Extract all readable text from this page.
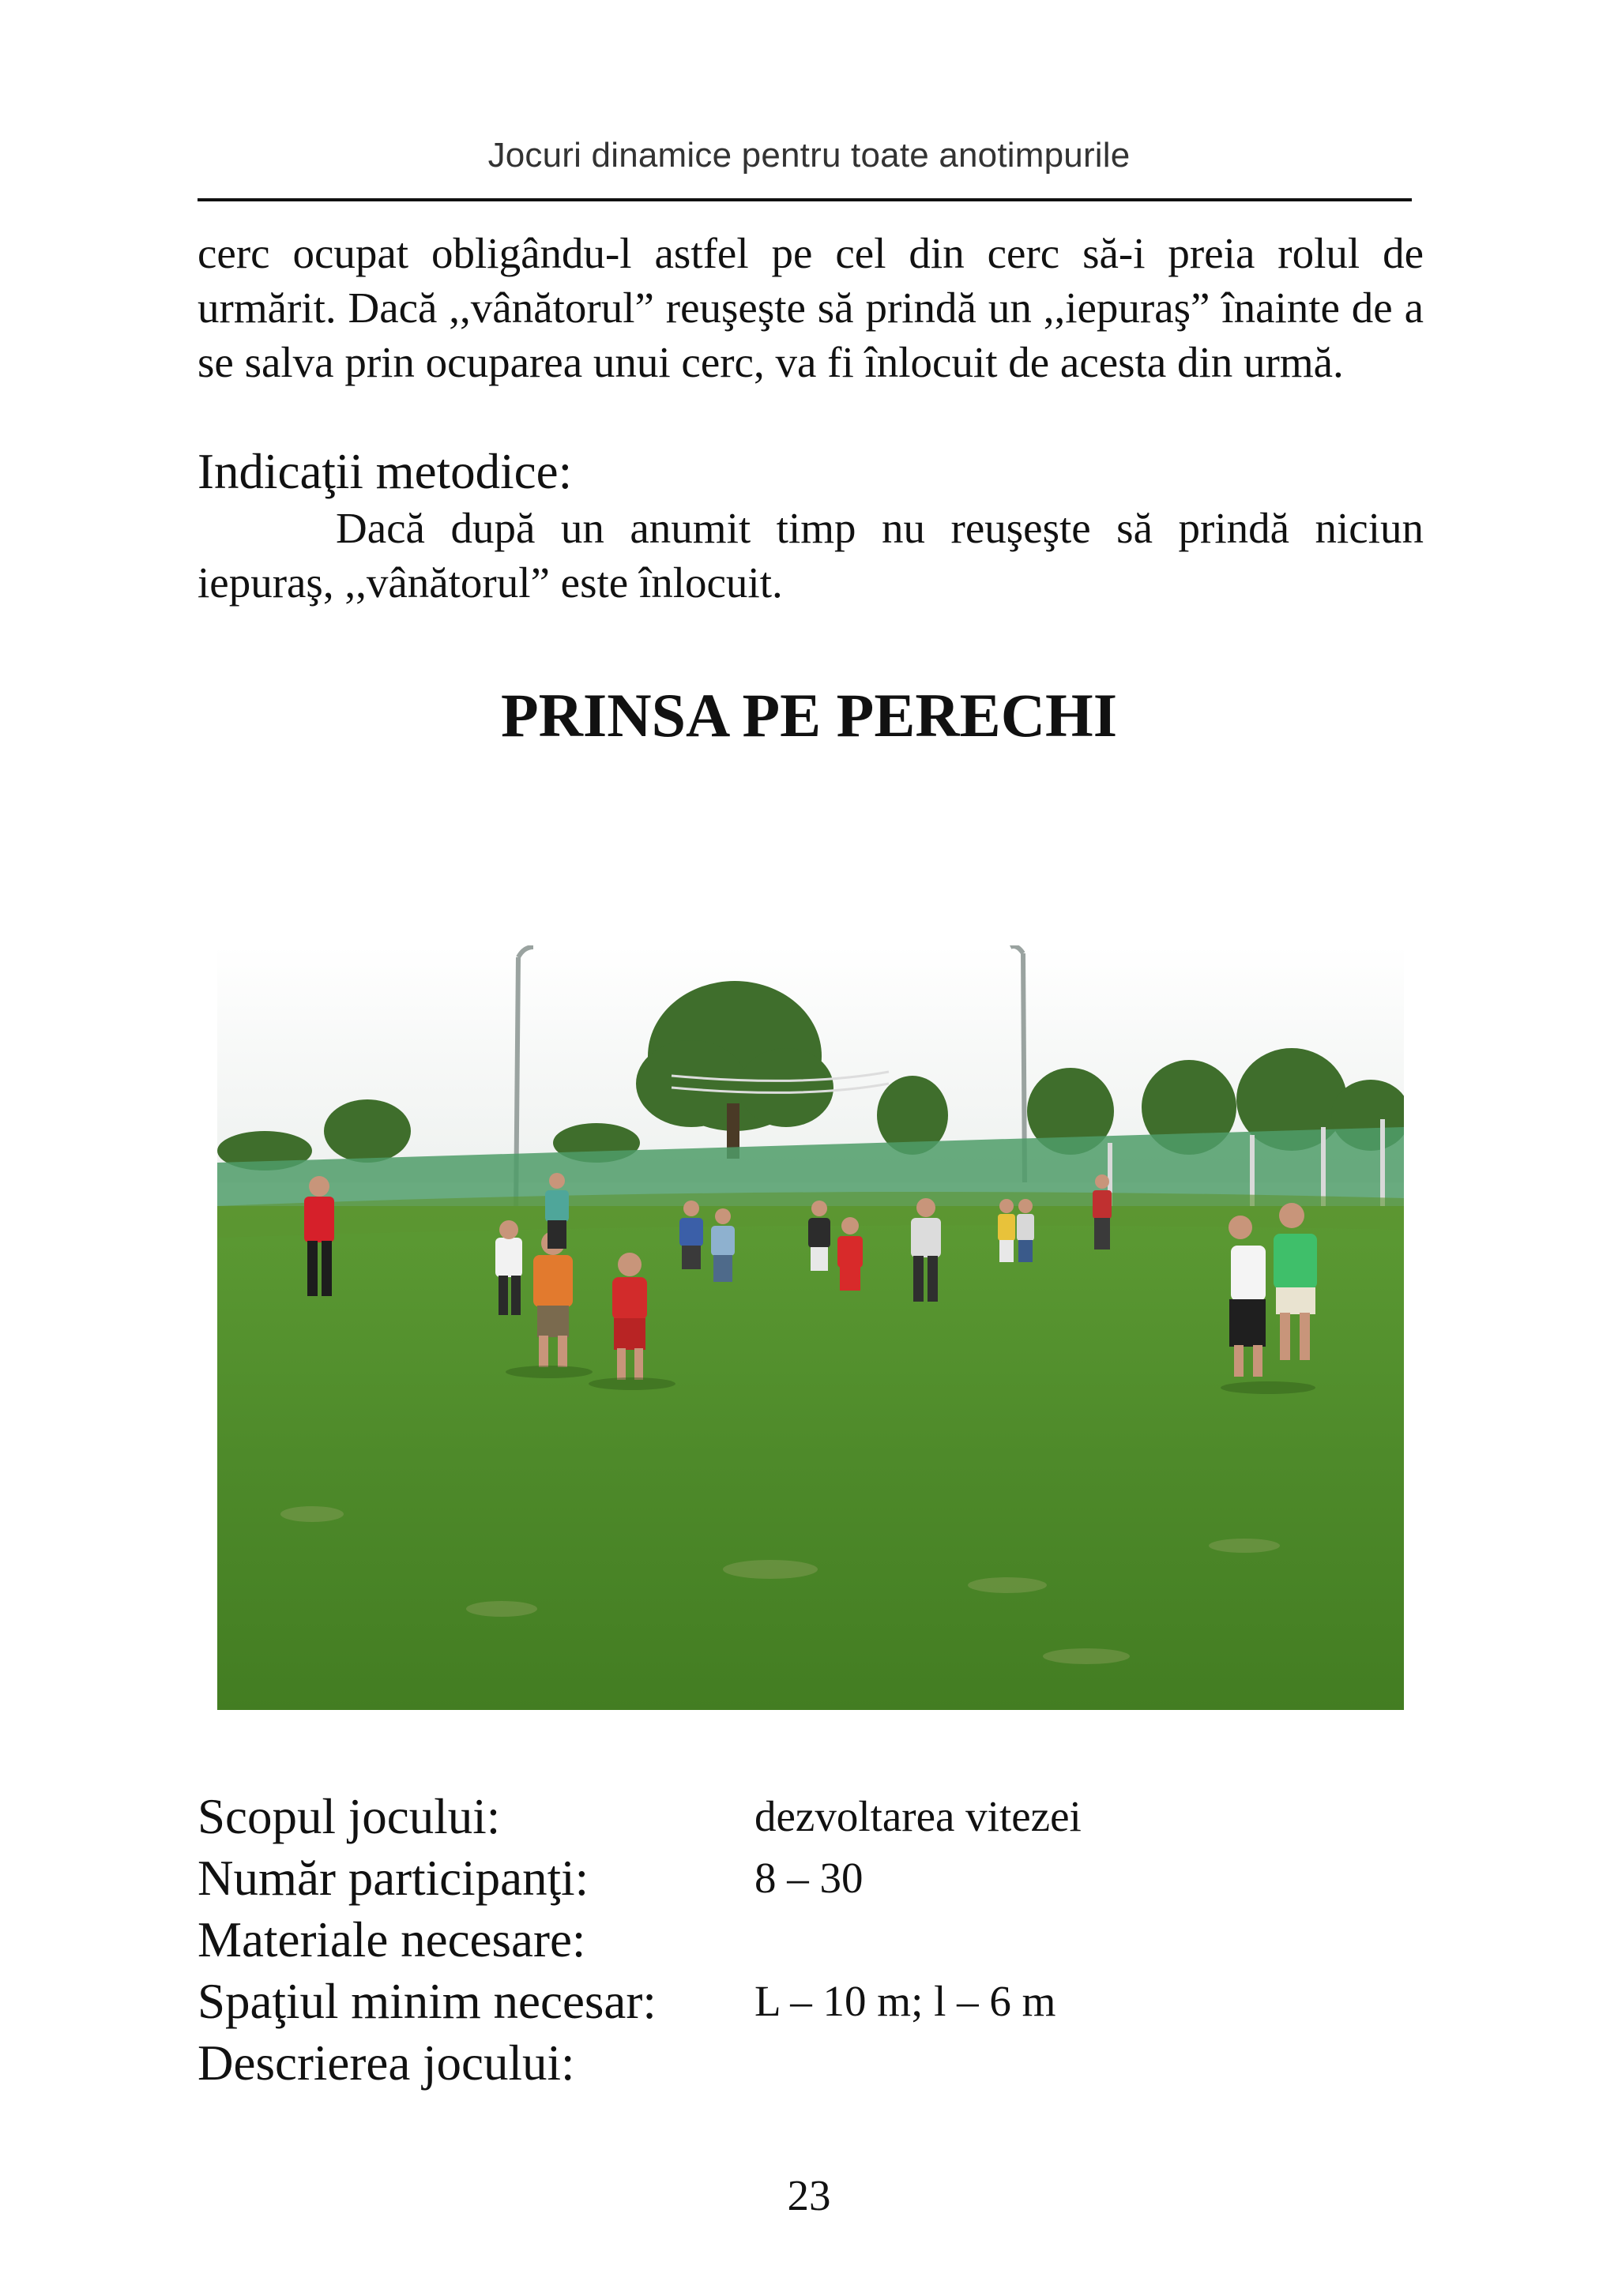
Jocuri dinamice pentru toate anotimpurile

cerc ocupat obligându-l astfel pe cel din cerc să-i preia rolul de urmărit. Dacă ,,vânătorul” reuşeşte să prindă un ,,iepuraş” înainte de a se salva prin ocuparea unui cerc, va fi înlocuit de acesta din urmă.

Indicaţii metodice:

Dacă după un anumit timp nu reuşeşte să prindă niciun iepuraş, ,,vânătorul” este înlocuit.

PRINSA PE PERECHI
Scopul jocului:	dezvoltarea vitezei
Număr participanţi:	8 – 30
Materiale necesare:
Spaţiul minim necesar: L – 10 m; l – 6 m
Descrierea jocului:
23
